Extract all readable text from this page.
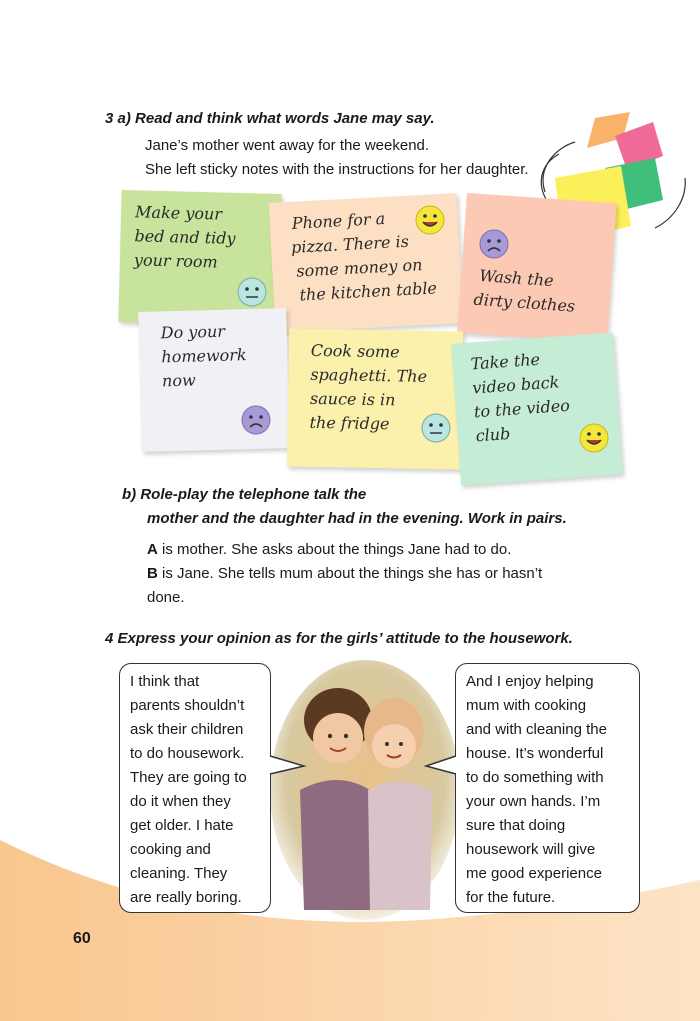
3 a) Read and think what words Jane may say.
Jane’s mother went away for the weekend.
She left sticky notes with the instructions for her daughter.
Make your
bed and tidy
your room
Phone for a
pizza. There is
some money on
the kitchen table
Wash the
dirty clothes
Do your
homework
now
Cook some
spaghetti. The
sauce is in
the fridge
Take the
video back
to the video
club
b) Role-play the telephone talk the
mother and the daughter had in the evening. Work in pairs.
A is mother. She asks about the things Jane had to do.
B is Jane. She tells mum about the things she has or hasn’t
done.
4 Express your opinion as for the girls’ attitude to the housework.
I think that
parents shouldn’t
ask their children
to do housework.
They are going to
do it when they
get older. I hate
cooking and
cleaning. They
are really boring.
And I enjoy helping
mum with cooking
and with cleaning the
house. It’s wonderful
to do something with
your own hands. I’m
sure that doing
housework will give
me good experience
for the future.
60
